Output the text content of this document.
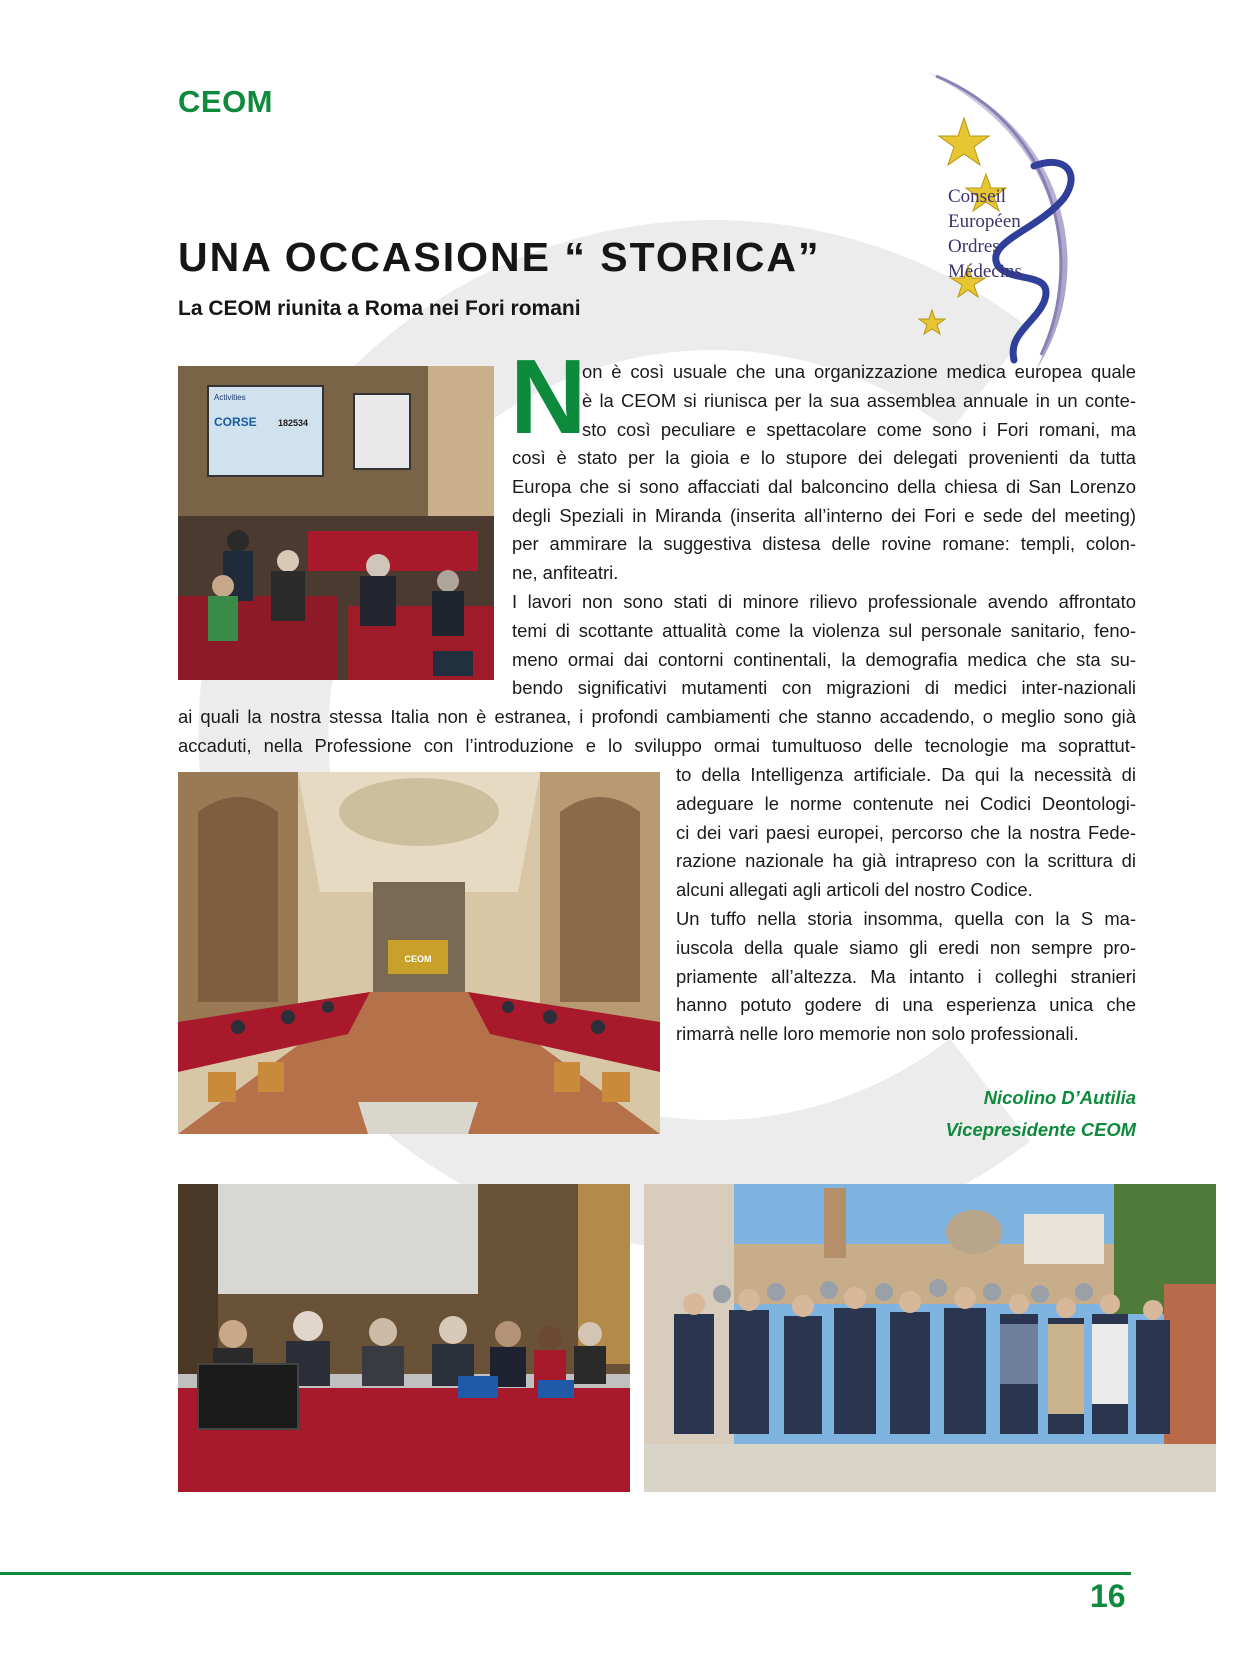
CEOM
Conseil
Européen
Ordres
Médecins
UNA OCCASIONE “ STORICA”
La CEOM riunita a Roma nei Fori romani
Activities
CORSE 182534 N
on è così usuale che una organizzazione medica europea quale
è la CEOM si riunisca per la sua assemblea annuale in un conte-
sto così peculiare e spettacolare come sono i Fori romani, ma
così è stato per la gioia e lo stupore dei delegati provenienti da tutta
Europa che si sono affacciati dal balconcino della chiesa di San Lorenzo
degli Speziali in Miranda (inserita all’interno dei Fori e sede del meeting)
per ammirare la suggestiva distesa delle rovine romane: templi, colon-
ne, anfiteatri.
I lavori non sono stati di minore rilievo professionale avendo affrontato
temi di scottante attualità come la violenza sul personale sanitario, feno-
meno ormai dai contorni continentali, la demografia medica che sta su-
bendo significativi mutamenti con migrazioni di medici inter-nazionali
ai quali la nostra stessa Italia non è estranea, i profondi cambiamenti che stanno accadendo, o meglio sono già
accaduti, nella Professione con l’introduzione e lo sviluppo ormai tumultuoso delle tecnologie ma soprattut-
CEOM
to della Intelligenza artificiale. Da qui la necessità di
adeguare le norme contenute nei Codici Deontologi-
ci dei vari paesi europei, percorso che la nostra Fede-
razione nazionale ha già intrapreso con la scrittura di
alcuni allegati agli articoli del nostro Codice.
Un tuffo nella storia insomma, quella con la S ma-
iuscola della quale siamo gli eredi non sempre pro-
priamente all’altezza. Ma intanto i colleghi stranieri
hanno potuto godere di una esperienza unica che
rimarrà nelle loro memorie non solo professionali.
Nicolino D’Autilia
Vicepresidente CEOM
16
